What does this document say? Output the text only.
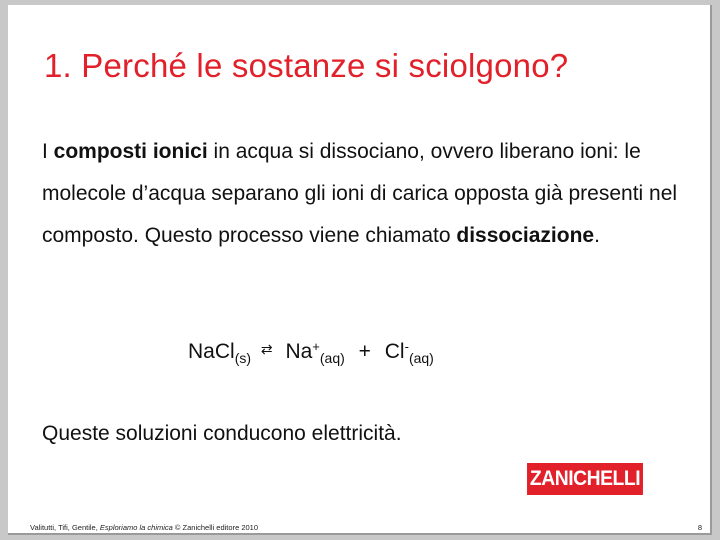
1. Perché le sostanze si sciolgono?
I composti ionici in acqua si dissociano, ovvero liberano ioni: le molecole d’acqua separano gli ioni di carica opposta già presenti nel composto. Questo processo viene chiamato dissociazione.
NaCl$_{(s)}$ ⇄ $Na^+_{(aq)} + Cl^-_{(aq)}$
Queste soluzioni conducono elettricità.
ZANICHELLI
Valitutti, Tifi, Gentile, Esploriamo la chimica © Zanichelli editore 2010	8
